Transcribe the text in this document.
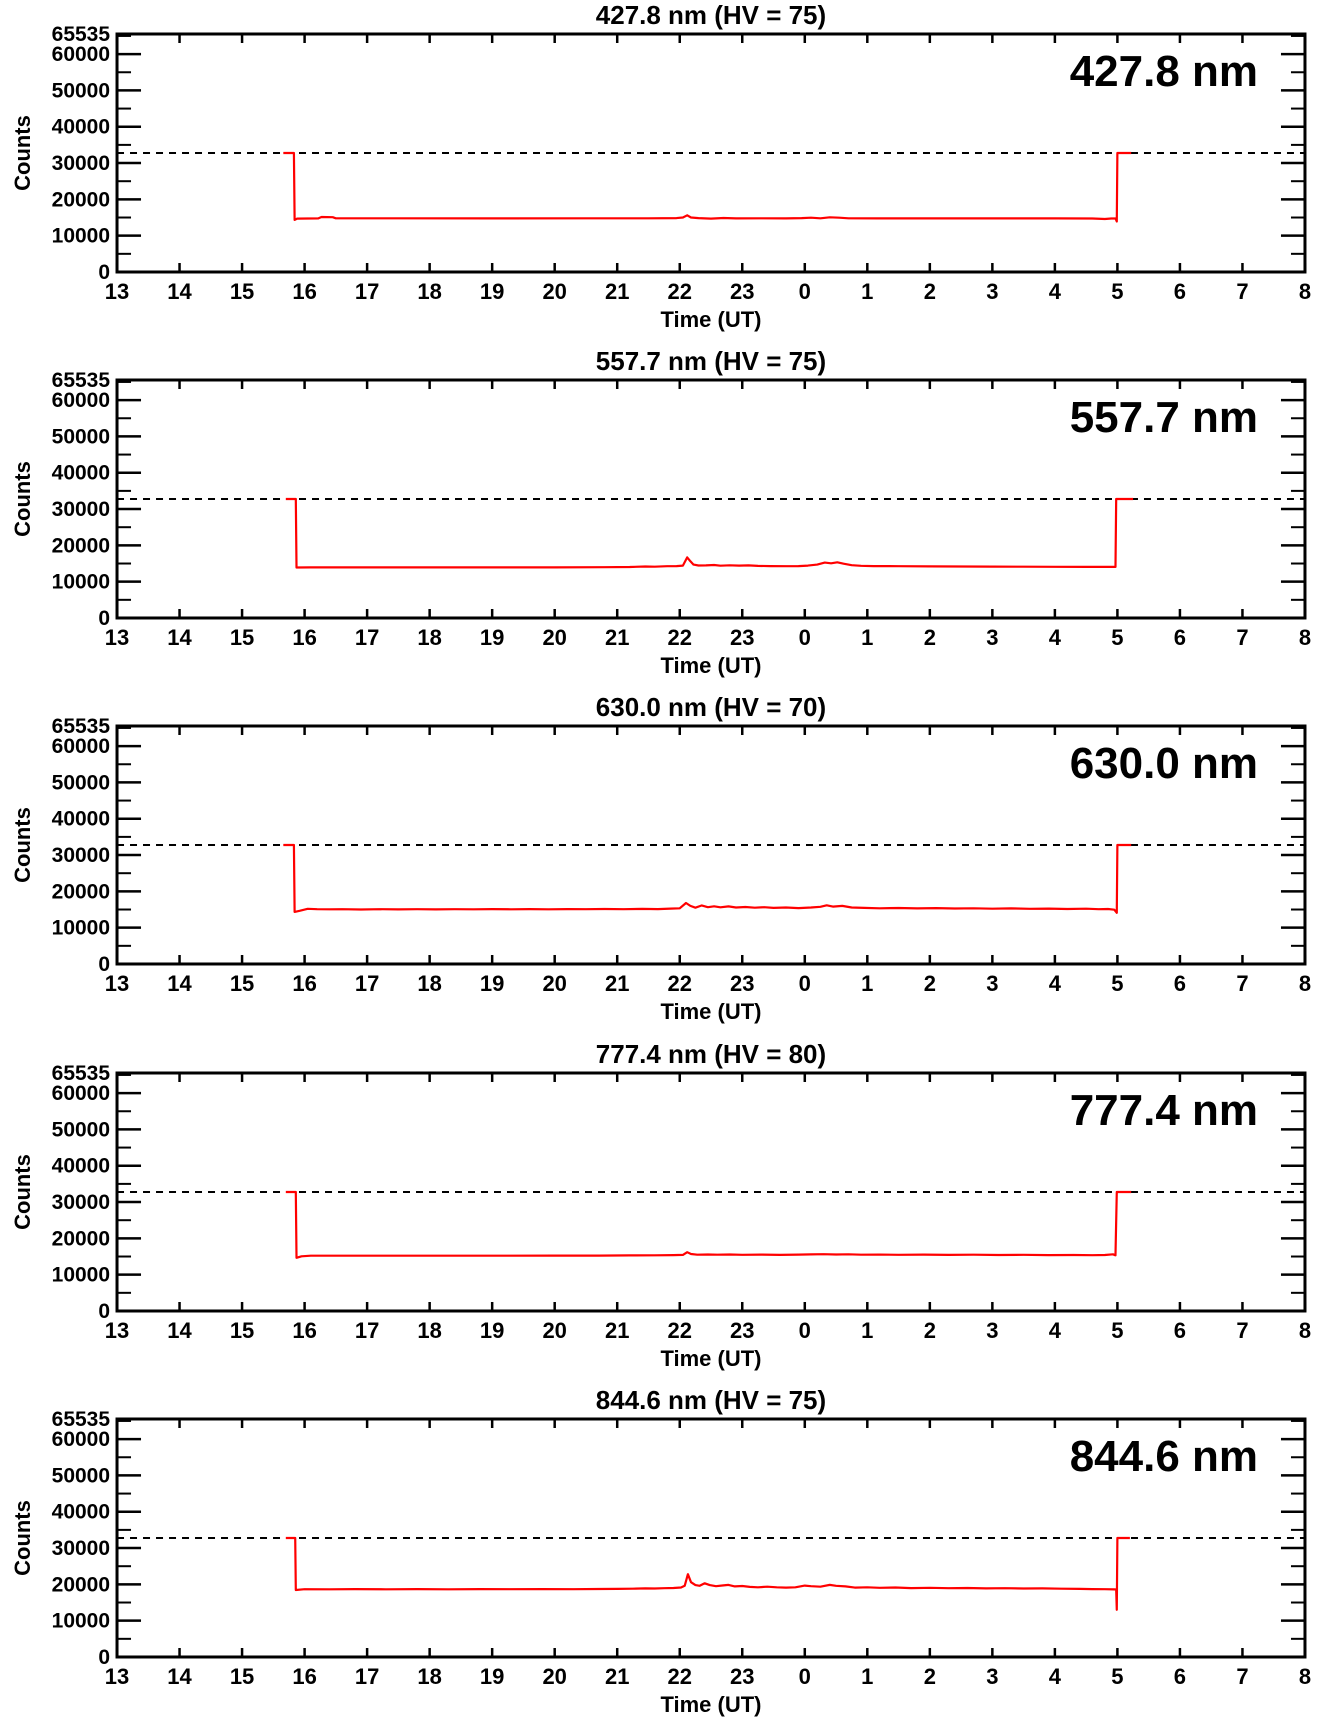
427.8 nm (HV = 75)
13 14 15 16 17 18 19 20 21 22 23 0 1 2 3 4 5 6 7 8
0
10000
20000
30000
40000
50000
60000
65535
427.8 nm
Counts
Time (UT)
557.7 nm (HV = 75)
13 14 15 16 17 18 19 20 21 22 23 0 1 2 3 4 5 6 7 8
0
10000
20000
30000
40000
50000
60000
65535
557.7 nm
Counts
Time (UT)
630.0 nm (HV = 70)
13 14 15 16 17 18 19 20 21 22 23 0 1 2 3 4 5 6 7 8
0
10000
20000
30000
40000
50000
60000
65535
630.0 nm
Counts
Time (UT)
777.4 nm (HV = 80)
13 14 15 16 17 18 19 20 21 22 23 0 1 2 3 4 5 6 7 8
0
10000
20000
30000
40000
50000
60000
65535
777.4 nm
Counts
Time (UT)
844.6 nm (HV = 75)
13 14 15 16 17 18 19 20 21 22 23 0 1 2 3 4 5 6 7 8
0
10000
20000
30000
40000
50000
60000
65535
844.6 nm
Counts
Time (UT)
